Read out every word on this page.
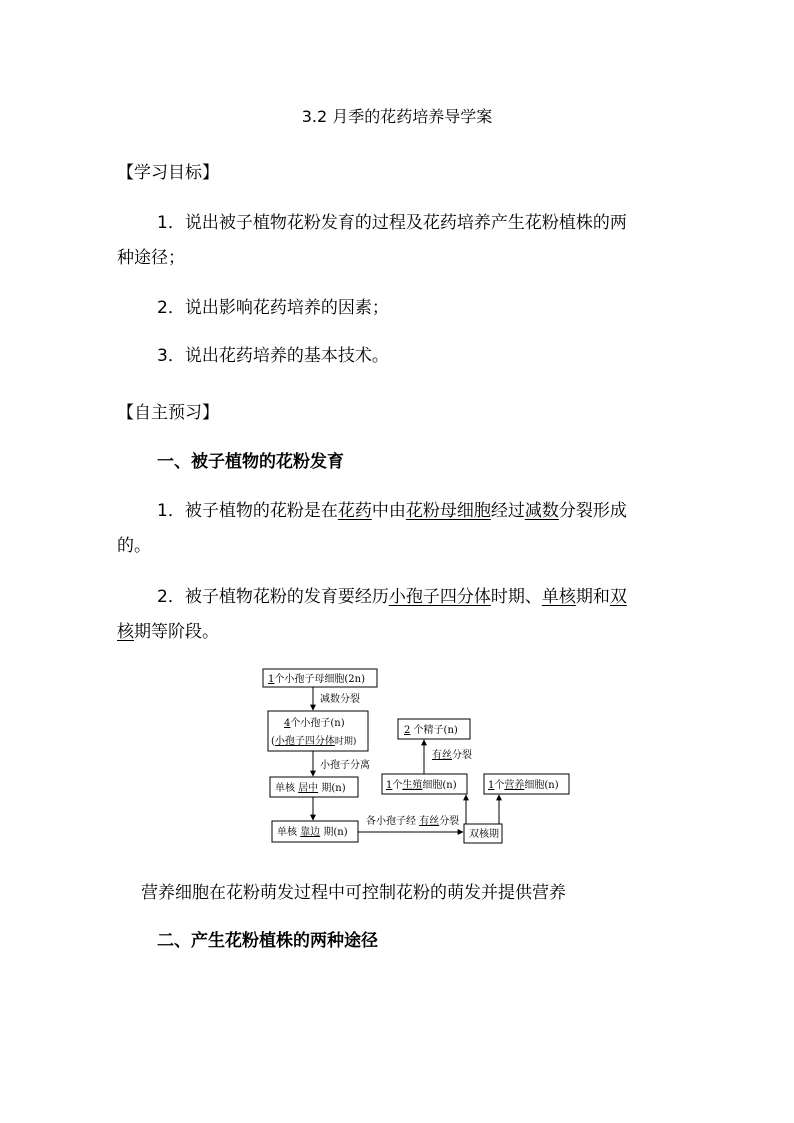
3.2 月季的花药培养导学案
【学习目标】
1．说出被子植物花粉发育的过程及花药培养产生花粉植株的两
种途径；
2．说出影响花药培养的因素；
3．说出花药培养的基本技术。
【自主预习】
一、被子植物的花粉发育
1．被子植物的花粉是在花药中由花粉母细胞经过减数分裂形成
的。
2．被子植物花粉的发育要经历小孢子四分体时期、单核期和双
核期等阶段。
1个小孢子母细胞(2n)
减数分裂
4个小孢子(n)
(小孢子四分体时期)
小孢子分离
单核 居中 期(n)
单核 靠边 期(n)
各小孢子经 有丝分裂
双核期
1个生殖细胞(n)	1个营养细胞(n)
有丝分裂
2 个精子(n)
营养细胞在花粉萌发过程中可控制花粉的萌发并提供营养
二、产生花粉植株的两种途径
